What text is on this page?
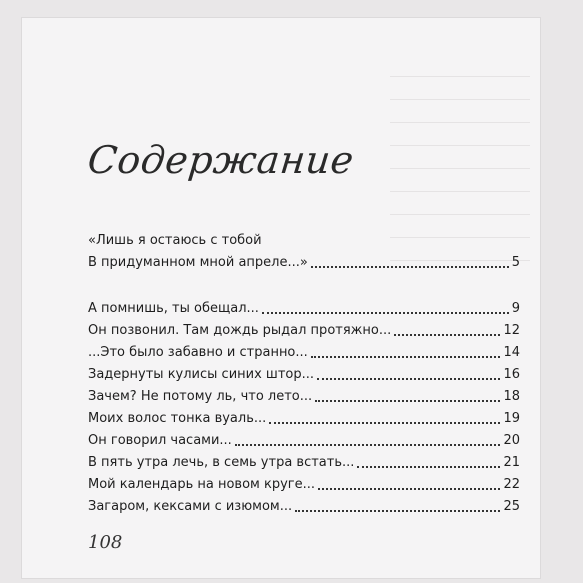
Содержание
«Лишь я остаюсь с тобой
В придуманном мной апреле...»	5
А помнишь, ты обещал...	9
Он позвонил. Там дождь рыдал протяжно...	12
...Это было забавно и странно...	14
Задернуты кулисы синих штор...	16
Зачем? Не потому ль, что лето...	18
Моих волос тонка вуаль...	19
Он говорил часами...	20
В пять утра лечь, в семь утра встать...	21
Мой календарь на новом круге...	22
Загаром, кексами с изюмом...	25
108
